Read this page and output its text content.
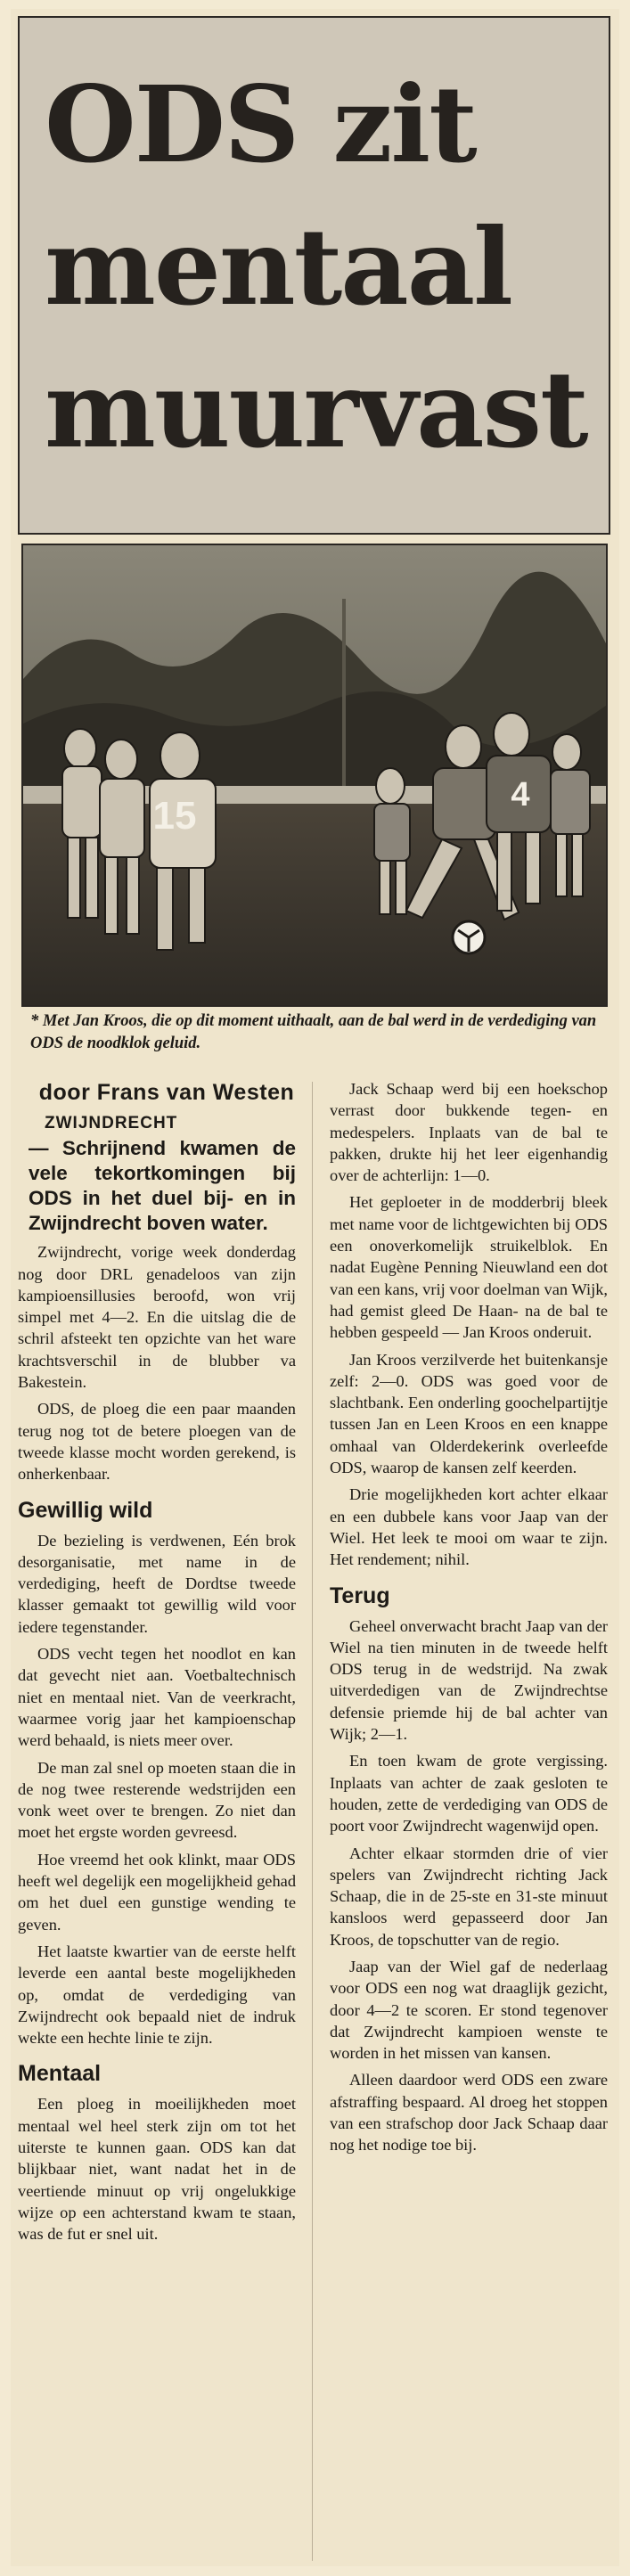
ODS zit
mentaal
muurvast
15	4

* Met Jan Kroos, die op dit moment uithaalt, aan de bal werd in de verdediging van ODS de noodklok geluid.

door Frans van Westen

ZWIJNDRECHT
— Schrijnend kwamen de vele tekortkomingen bij ODS in het duel bij- en in Zwijndrecht boven water.

Zwijndrecht, vorige week donderdag nog door DRL genadeloos van zijn kampioensillusies beroofd, won vrij simpel met 4—2. En die uitslag die de schril afsteekt ten opzichte van het ware krachtsverschil in de blubber va Bakestein.

ODS, de ploeg die een paar maanden terug nog tot de betere ploegen van de tweede klasse mocht worden gerekend, is onherkenbaar.

Gewillig wild

De bezieling is verdwenen, Eén brok desorganisatie, met name in de verdediging, heeft de Dordtse tweede klasser gemaakt tot gewillig wild voor iedere tegenstander.

ODS vecht tegen het noodlot en kan dat gevecht niet aan. Voetbaltechnisch niet en mentaal niet. Van de veerkracht, waarmee vorig jaar het kampioenschap werd behaald, is niets meer over.

De man zal snel op moeten staan die in de nog twee resterende wedstrijden een vonk weet over te brengen. Zo niet dan moet het ergste worden gevreesd.

Hoe vreemd het ook klinkt, maar ODS heeft wel degelijk een mogelijkheid gehad om het duel een gunstige wending te geven.

Het laatste kwartier van de eerste helft leverde een aantal beste mogelijkheden op, omdat de verdediging van Zwijndrecht ook bepaald niet de indruk wekte een hechte linie te zijn.

Mentaal

Een ploeg in moeilijkheden moet mentaal wel heel sterk zijn om tot het uiterste te kunnen gaan. ODS kan dat blijkbaar niet, want nadat het in de veertiende minuut op vrij ongelukkige wijze op een achterstand kwam te staan, was de fut er snel uit.

Jack Schaap werd bij een hoekschop verrast door bukkende tegen- en medespelers. Inplaats van de bal te pakken, drukte hij het leer eigenhandig over de achterlijn: 1—0.

Het geploeter in de modderbrij bleek met name voor de lichtgewichten bij ODS een onoverkomelijk struikelblok. En nadat Eugène Penning Nieuwland een dot van een kans, vrij voor doelman van Wijk, had gemist gleed De Haan- na de bal te hebben gespeeld — Jan Kroos onderuit.

Jan Kroos verzilverde het buitenkansje zelf: 2—0. ODS was goed voor de slachtbank. Een onderling goochelpartijtje tussen Jan en Leen Kroos en een knappe omhaal van Olderdekerink overleefde ODS, waarop de kansen zelf keerden.

Drie mogelijkheden kort achter elkaar en een dubbele kans voor Jaap van der Wiel. Het leek te mooi om waar te zijn. Het rendement; nihil.

Terug

Geheel onverwacht bracht Jaap van der Wiel na tien minuten in de tweede helft ODS terug in de wedstrijd. Na zwak uitverdedigen van de Zwijndrechtse defensie priemde hij de bal achter van Wijk; 2—1.

En toen kwam de grote vergissing. Inplaats van achter de zaak gesloten te houden, zette de verdediging van ODS de poort voor Zwijndrecht wagenwijd open.

Achter elkaar stormden drie of vier spelers van Zwijndrecht richting Jack Schaap, die in de 25-ste en 31-ste minuut kansloos werd gepasseerd door Jan Kroos, de topschutter van de regio.

Jaap van der Wiel gaf de nederlaag voor ODS een nog wat draaglijk gezicht, door 4—2 te scoren. Er stond tegenover dat Zwijndrecht kampioen wenste te worden in het missen van kansen.

Alleen daardoor werd ODS een zware afstraffing bespaard. Al droeg het stoppen van een strafschop door Jack Schaap daar nog het nodige toe bij.
